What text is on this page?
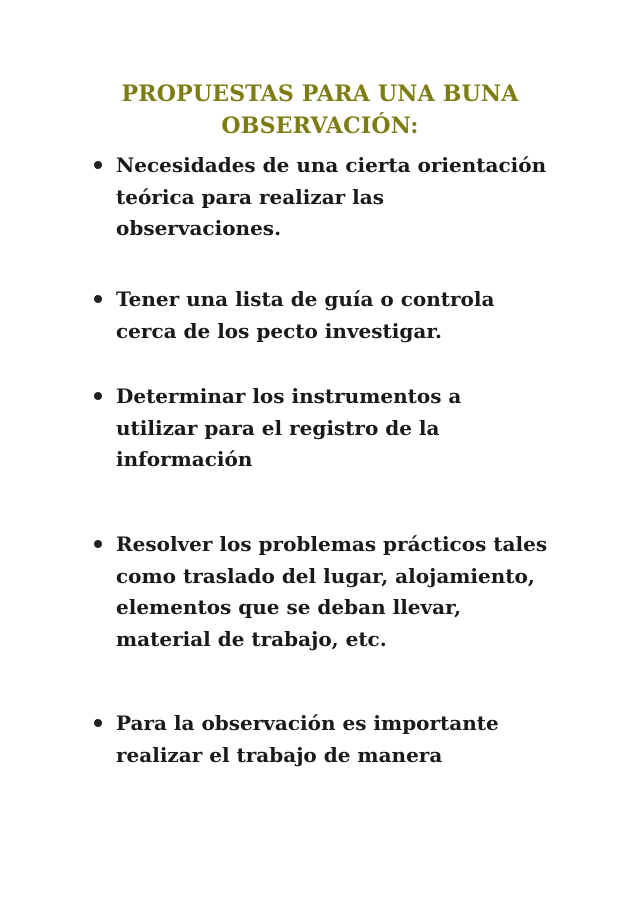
PROPUESTAS PARA UNA BUNA
OBSERVACIÓN:
Necesidades de una cierta orientación
teórica para realizar las
observaciones.
Tener una lista de guía o controla
cerca de los pecto investigar.
Determinar los instrumentos a
utilizar para el registro de la
información
Resolver los problemas prácticos tales
como traslado del lugar, alojamiento,
elementos que se deban llevar,
material de trabajo, etc.
Para la observación es importante
realizar el trabajo de manera
